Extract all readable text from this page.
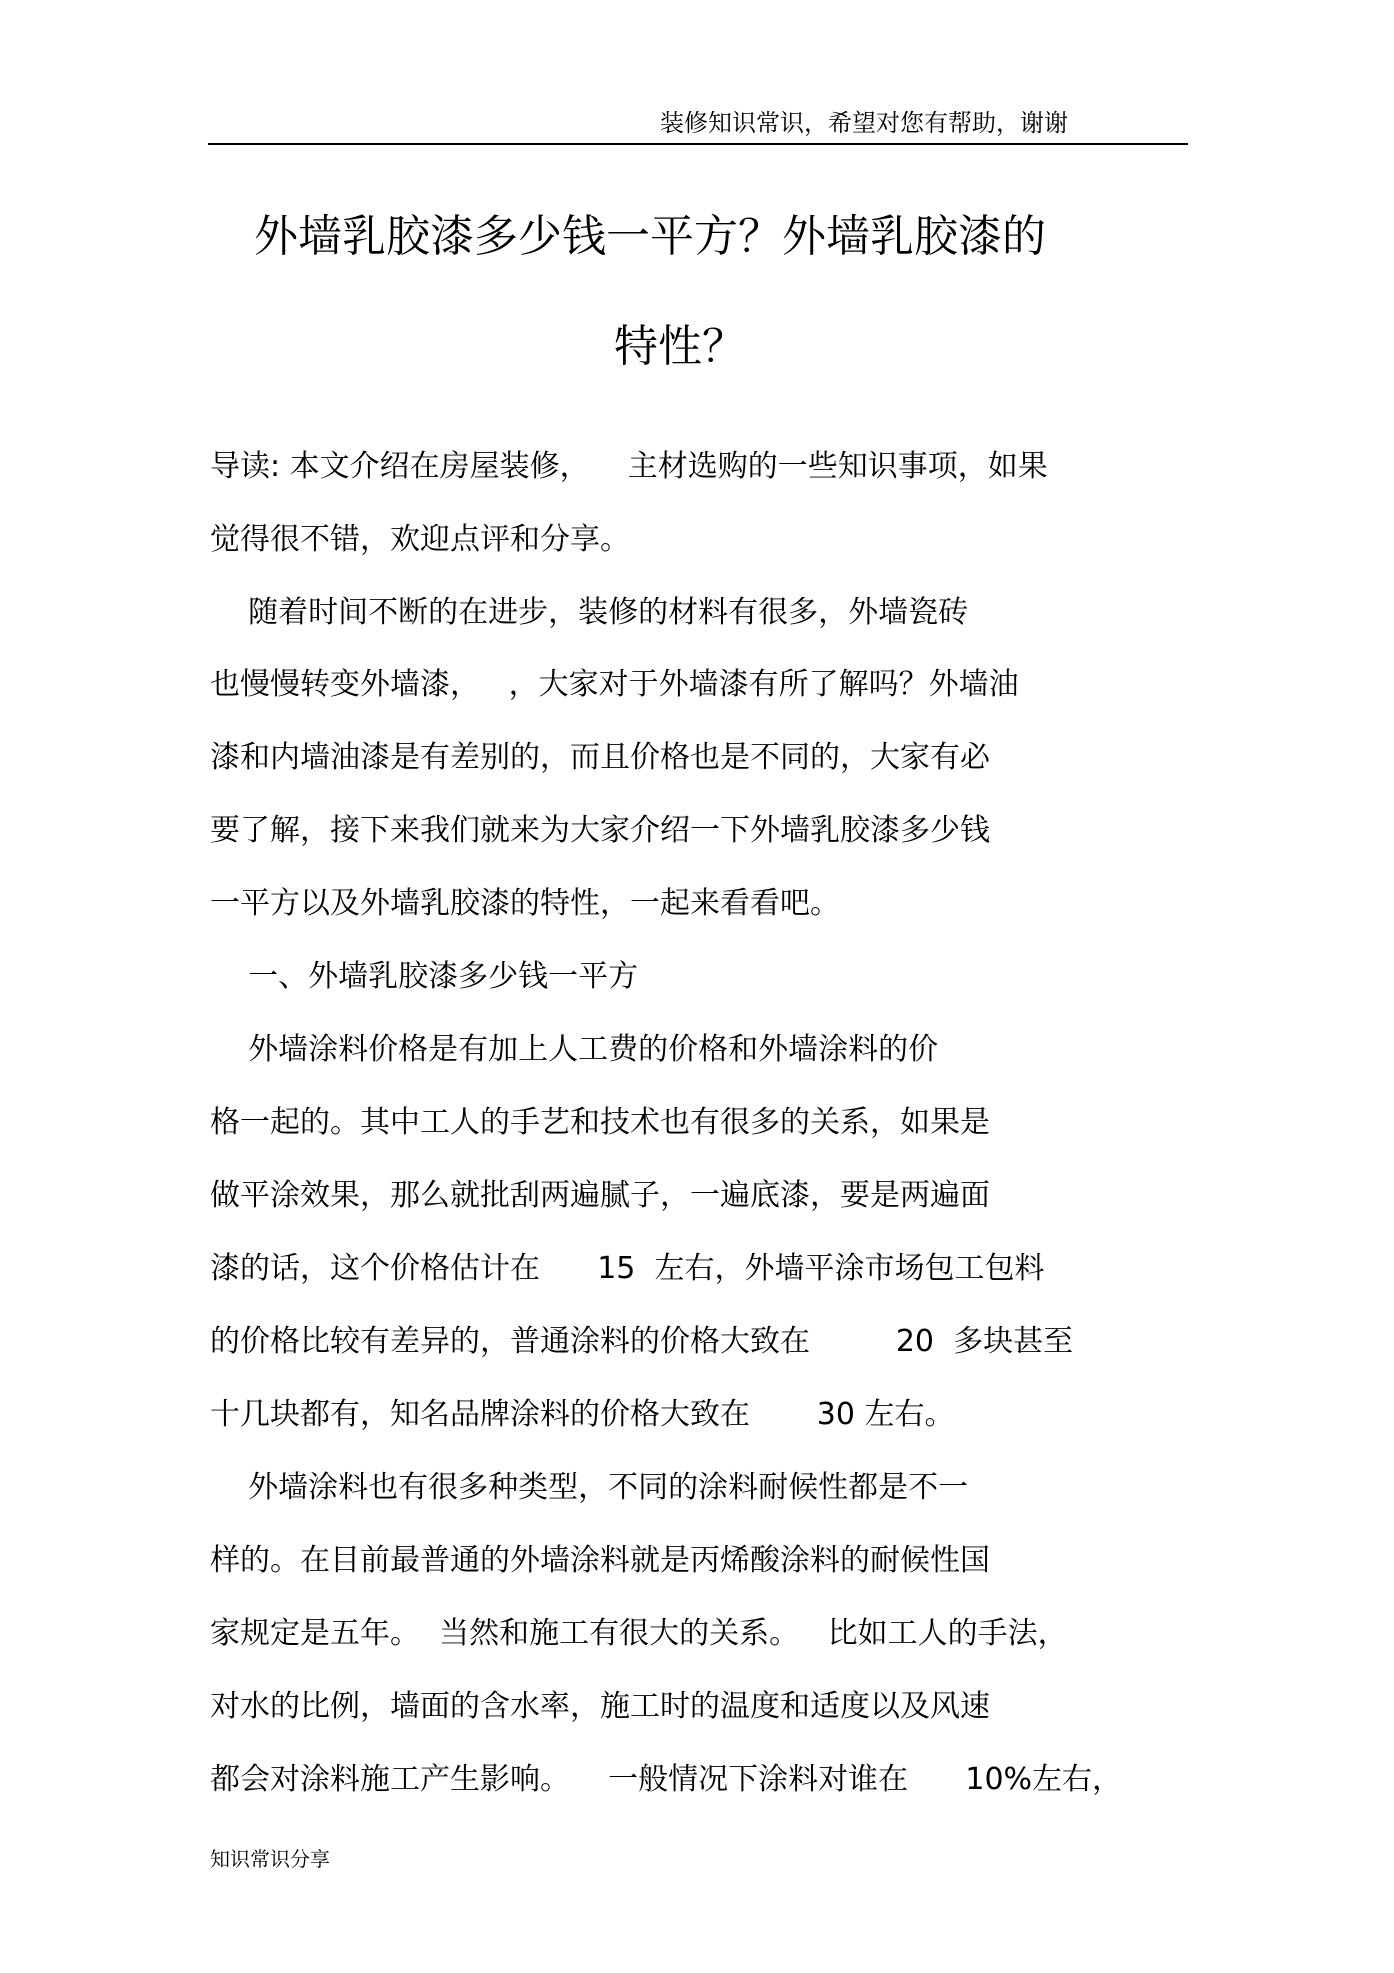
装修知识常识，希望对您有帮助，谢谢
外墙乳胶漆多少钱一平方？外墙乳胶漆的
特性？
导读: 本文介绍在房屋装修，    主材选购的一些知识事项，如果
觉得很不错，欢迎点评和分享。
随着时间不断的在进步，装修的材料有很多，外墙瓷砖
也慢慢转变外墙漆，   ，大家对于外墙漆有所了解吗？外墙油
漆和内墙油漆是有差别的，而且价格也是不同的，大家有必
要了解，接下来我们就来为大家介绍一下外墙乳胶漆多少钱
一平方以及外墙乳胶漆的特性，一起来看看吧。
一、外墙乳胶漆多少钱一平方
外墙涂料价格是有加上人工费的价格和外墙涂料的价
格一起的。其中工人的手艺和技术也有很多的关系，如果是
做平涂效果，那么就批刮两遍腻子，一遍底漆，要是两遍面
漆的话，这个价格估计在      15  左右，外墙平涂市场包工包料
的价格比较有差异的，普通涂料的价格大致在         20  多块甚至
十几块都有，知名品牌涂料的价格大致在       30 左右。
外墙涂料也有很多种类型，不同的涂料耐候性都是不一
样的。在目前最普通的外墙涂料就是丙烯酸涂料的耐候性国
家规定是五年。  当然和施工有很大的关系。   比如工人的手法，
对水的比例，墙面的含水率，施工时的温度和适度以及风速
都会对涂料施工产生影响。    一般情况下涂料对谁在      10%左右，
知识常识分享
